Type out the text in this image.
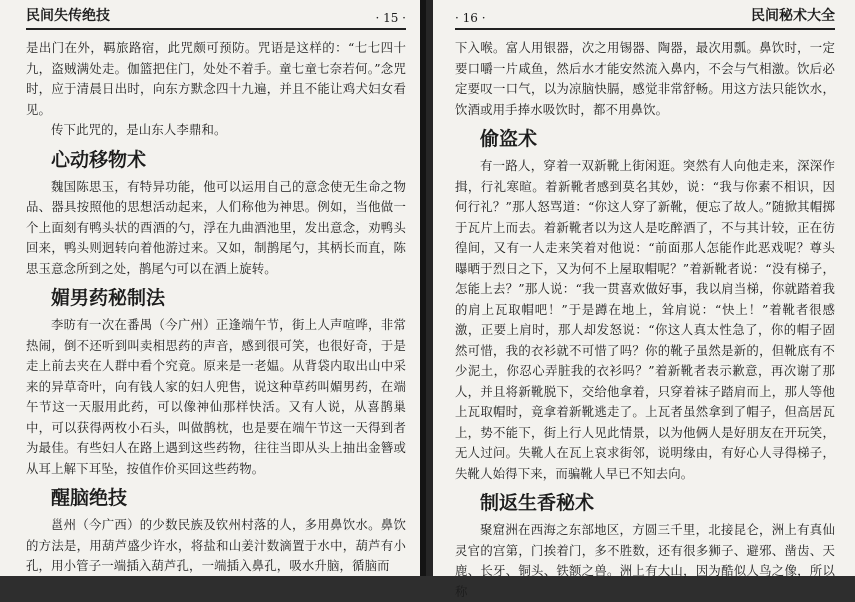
民间失传绝技	· 15 ·

是出门在外，羁旅路宿，此咒颇可预防。咒语是这样的：“七七四十九，盗贼满处走。伽篮把住门，处处不着手。童七童七奈若何。”念咒时，应于清晨日出时，向东方默念四十九遍，并且不能让鸡犬妇女看见。

传下此咒的，是山东人李鼎和。

心动移物术

魏国陈思玉，有特异功能，他可以运用自己的意念使无生命之物品、器具按照他的思想活动起来，人们称他为神思。例如，当他做一个上面刻有鸭头状的酉酒的勺，浮在九曲酒池里，发出意念，劝鸭头回来，鸭头则迥转向着他游过来。又如，制鹊尾勺，其柄长而直，陈思玉意念所到之处，鹊尾勺可以在酒上旋转。

媚男药秘制法

李昉有一次在番禺（今广州）正逢端午节，街上人声喧哗，非常热闹，倒不还听到叫卖相思药的声音，感到很可笑，也很好奇，于是走上前去夹在人群中看个究竟。原来是一老媪。从背袋内取出山中采来的异草奇叶，向有钱人家的妇人兜售，说这种草药叫媚男药，在端午节这一天服用此药，可以像神仙那样快活。又有人说，从喜鹊巢中，可以获得两枚小石头，叫做鹊枕，也是要在端午节这一天得到者为最佳。有些妇人在路上遇到这些药物，往往当即从头上抽出金簪或从耳上解下耳坠，按值作价买回这些药物。

醒脑绝技

邕州（今广西）的少数民族及钦州村落的人，多用鼻饮水。鼻饮的方法是，用葫芦盛少许水，将盐和山姜汁数滴置于水中，葫芦有小孔，用小管子一端插入葫芦孔，一端插入鼻孔，吸水升脑，循脑而

· 16 ·	民间秘术大全

下入喉。富人用银器，次之用锡器、陶器，最次用瓢。鼻饮时，一定要口嚼一片咸鱼，然后水才能安然流入鼻内，不会与气相激。饮后必定要叹一口气，以为凉脑快膈，感觉非常舒畅。用这方法只能饮水，饮酒或用手捧水吸饮时，都不用鼻饮。

偷盗术

有一路人，穿着一双新靴上街闲逛。突然有人向他走来，深深作揖，行礼寒暄。着新靴者感到莫名其妙，说：“我与你素不相识，因何行礼？”那人怒骂道：“你这人穿了新靴，便忘了故人。”随掀其帽掷于瓦片上而去。着新靴者以为这人是吃醉酒了，不与其计较，正在彷徨间，又有一人走来笑着对他说：“前面那人怎能作此恶戏呢？尊头曝晒于烈日之下，又为何不上屋取帽呢？”着新靴者说：“没有梯子，怎能上去？”那人说：“我一贯喜欢做好事，我以肩当梯，你就踏着我的肩上瓦取帽吧！”于是蹲在地上，耸肩说：“快上！”着靴者很感激，正要上肩时，那人却发怒说：“你这人真太性急了，你的帽子固然可惜，我的衣衫就不可惜了吗？你的靴子虽然是新的，但靴底有不少泥土，你忍心弄脏我的衣衫吗？”着新靴者表示歉意，再次谢了那人，并且将新靴脱下，交给他拿着，只穿着袜子踏肩而上，那人等他上瓦取帽时，竟拿着新靴逃走了。上瓦者虽然拿到了帽子，但高居瓦上，势不能下，街上行人见此情景，以为他俩人是好朋友在开玩笑，无人过问。失靴人在瓦上哀求街邻，说明缘由，有好心人寻得梯子，失靴人始得下来，而骗靴人早已不知去向。

制返生香秘术

聚窟洲在西海之东部地区，方圆三千里，北接昆仑，洲上有真仙灵官的宫第，门挨着门，多不胜数，还有很多狮子、避邪、凿齿、天鹿、长牙、铜头、铁额之兽。洲上有大山，因为酷似人鸟之像，所以称
